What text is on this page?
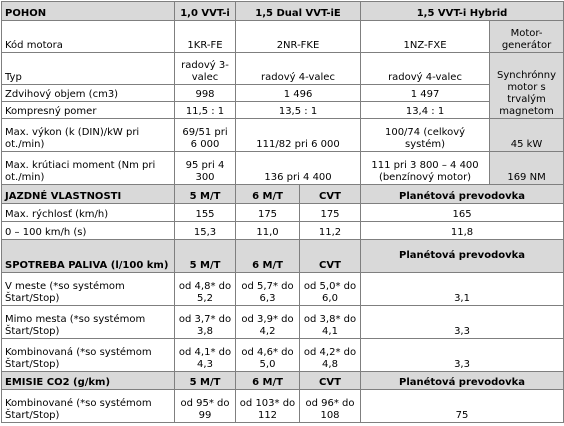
POHON	1,0 VVT-i	1,5 Dual VVT-iE		1,5 VVT-i Hybrid	
Kód motora	1KR-FE	2NR-FKE		1NZ-FXE	Motor-generátor
Typ	radový 3-valec	radový 4-valec		radový 4-valec	Synchrónny motor s trvalým magnetom
Zdvihový objem (cm3)	998	1 496		1 497	
Kompresný pomer	11,5 : 1	13,5 : 1		13,4 : 1	
Max. výkon (k (DIN)/kW pri ot./min)	69/51 pri 6 000	111/82 pri 6 000		100/74 (celkový systém)	45 kW
Max. krútiaci moment (Nm pri ot./min)	95 pri 4 300	136 pri 4 400		111 pri 3 800 – 4 400 (benzínový motor)	169 NM
JAZDNÉ VLASTNOSTI	5 M/T	6 M/T	CVT	Planétová prevodovka	
Max. rýchlosť (km/h)	155	175	175	165	
0 – 100 km/h (s)	15,3	11,0	11,2	11,8	
SPOTREBA PALIVA (l/100 km)	5 M/T	6 M/T	CVT	Planétová prevodovka	
V meste (*so systémom Štart/Stop)	od 4,8* do 5,2	od 5,7* do 6,3	od 5,0* do 6,0	3,1	
Mimo mesta (*so systémom Štart/Stop)	od 3,7* do 3,8	od 3,9* do 4,2	od 3,8* do 4,1	3,3	
Kombinovaná (*so systémom Štart/Stop)	od 4,1* do 4,3	od 4,6* do 5,0	od 4,2* do 4,8	3,3	
EMISIE CO2 (g/km)	5 M/T	6 M/T	CVT	Planétová prevodovka	
Kombinované (*so systémom Štart/Stop)	od 95* do 99	od 103* do 112	od 96* do 108	75	
